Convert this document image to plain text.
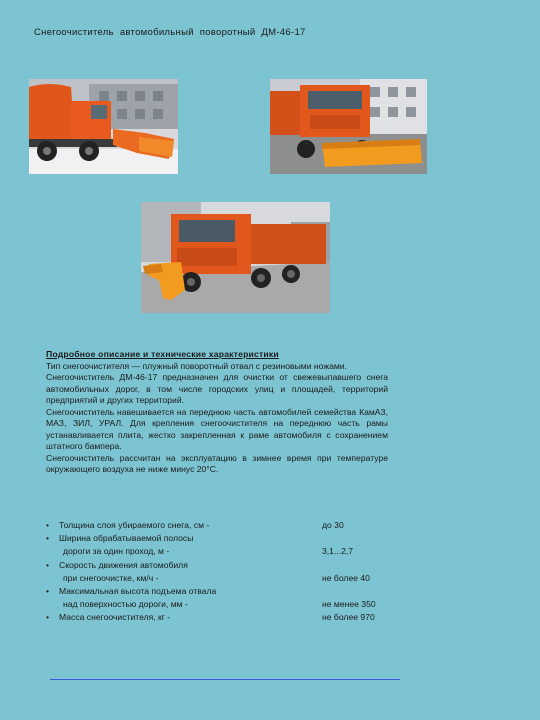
Снегоочиститель автомобильный поворотный ДМ-46-17

Подробное описание и технические характеристики

Тип снегоочистителя — плужный поворотный отвал с резиновыми ножами.

Снегоочиститель ДМ-46-17 предназначен для очистки от свежевыпавшего снега автомобильных дорог, в том числе городских улиц и площадей, территорий предприятий и других территорий.

Снегоочиститель навешивается на переднюю часть автомобилей семейства КамАЗ, МАЗ, ЗИЛ, УРАЛ. Для крепления снегоочистителя на переднюю часть рамы устанавливается плита, жестко закрепленная к раме автомобиля с сохранением штатного бампера.

Снегоочиститель рассчитан на эксплуатацию в зимнее время при температуре окружающего воздуха не ниже минус 20°С.

• Толщина слоя убираемого снега, см -	до 30
• Ширина обрабатываемой полосы
дороги за один проход, м -	3,1...2,7
• Скорость движения автомобиля
при снегоочистке, км/ч -	не более 40
• Максимальная высота подъема отвала
над поверхностью дороги, мм -	не менее 350
• Масса снегоочистителя, кг -	не более 970
